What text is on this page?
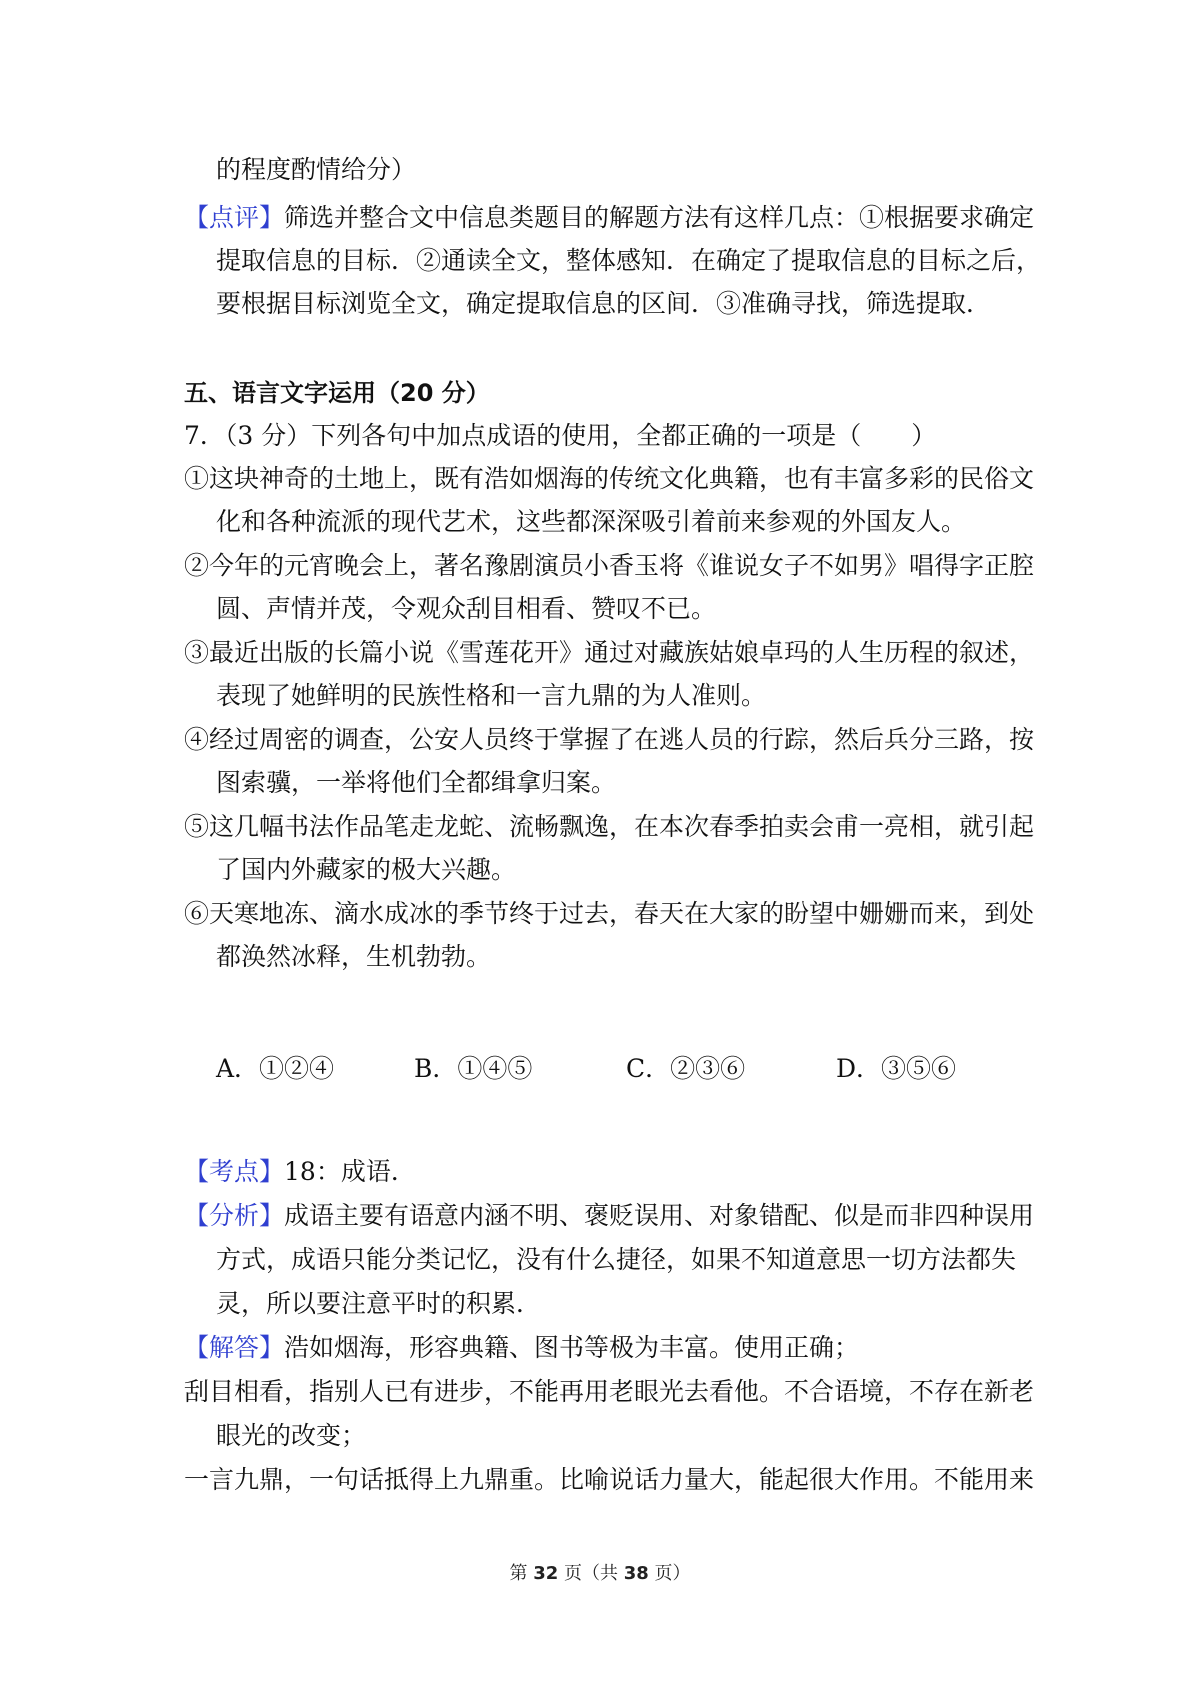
的程度酌情给分）
【点评】筛选并整合文中信息类题目的解题方法有这样几点：①根据要求确定
提取信息的目标．②通读全文，整体感知．在确定了提取信息的目标之后，
要根据目标浏览全文，确定提取信息的区间．③准确寻找，筛选提取．
五、语言文字运用（20 分）
7．（3 分）下列各句中加点成语的使用，全都正确的一项是（　　）
①这块神奇的土地上，既有浩如烟海的传统文化典籍，也有丰富多彩的民俗文
化和各种流派的现代艺术，这些都深深吸引着前来参观的外国友人。
②今年的元宵晚会上，著名豫剧演员小香玉将《谁说女子不如男》唱得字正腔
圆、声情并茂，令观众刮目相看、赞叹不已。
③最近出版的长篇小说《雪莲花开》通过对藏族姑娘卓玛的人生历程的叙述，
表现了她鲜明的民族性格和一言九鼎的为人准则。
④经过周密的调查，公安人员终于掌握了在逃人员的行踪，然后兵分三路，按
图索骥，一举将他们全都缉拿归案。
⑤这几幅书法作品笔走龙蛇、流畅飘逸，在本次春季拍卖会甫一亮相，就引起
了国内外藏家的极大兴趣。
⑥天寒地冻、滴水成冰的季节终于过去，春天在大家的盼望中姗姗而来，到处
都涣然冰释，生机勃勃。
A．①②④	B．①④⑤	C．②③⑥	D．③⑤⑥
【考点】18：成语．
【分析】成语主要有语意内涵不明、褒贬误用、对象错配、似是而非四种误用
方式，成语只能分类记忆，没有什么捷径，如果不知道意思一切方法都失
灵，所以要注意平时的积累．
【解答】浩如烟海，形容典籍、图书等极为丰富。使用正确；
刮目相看，指别人已有进步，不能再用老眼光去看他。不合语境，不存在新老
眼光的改变；
一言九鼎，一句话抵得上九鼎重。比喻说话力量大，能起很大作用。不能用来
第 32 页（共 38 页）
